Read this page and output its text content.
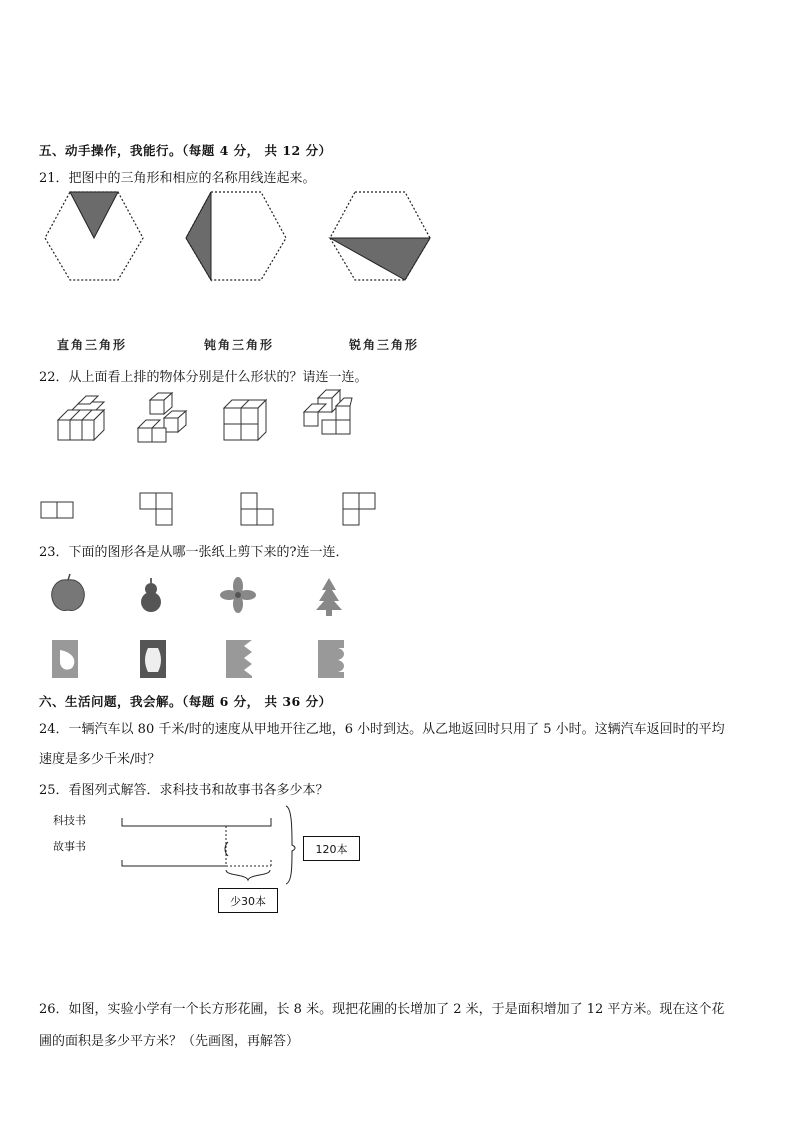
五、动手操作，我能行。（每题 4 分， 共 12 分）
21．把图中的三角形和相应的名称用线连起来。
直角三角形	钝角三角形	锐角三角形
22．从上面看上排的物体分别是什么形状的？请连一连。
23．下面的图形各是从哪一张纸上剪下来的?连一连．
六、生活问题，我会解。（每题 6 分， 共 36 分）
24．一辆汽车以 80 千米/时的速度从甲地开往乙地，6 小时到达。从乙地返回时只用了 5 小时。这辆汽车返回时的平均
速度是多少千米/时？
25．看图列式解答．求科技书和故事书各多少本？
科技书
故事书	120本
少30本
26．如图，实验小学有一个长方形花圃，长 8 米。现把花圃的长增加了 2 米，于是面积增加了 12 平方米。现在这个花
圃的面积是多少平方米？（先画图，再解答）
